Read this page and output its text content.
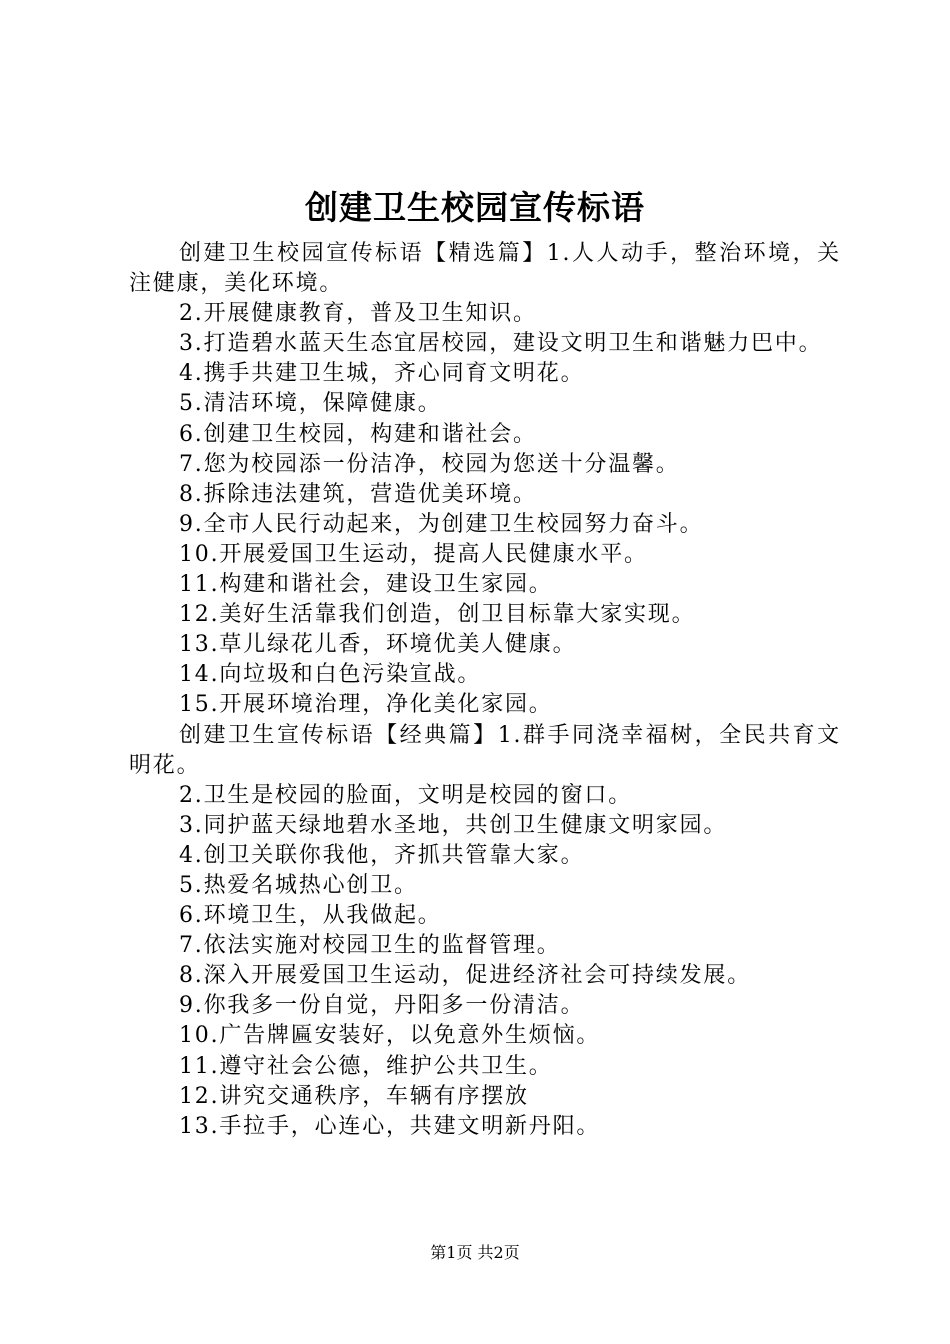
创建卫生校园宣传标语

创建卫生校园宣传标语【精选篇】1.人人动手，整治环境，关注健康，美化环境。

2.开展健康教育，普及卫生知识。

3.打造碧水蓝天生态宜居校园，建设文明卫生和谐魅力巴中。

4.携手共建卫生城，齐心同育文明花。

5.清洁环境，保障健康。

6.创建卫生校园，构建和谐社会。

7.您为校园添一份洁净，校园为您送十分温馨。

8.拆除违法建筑，营造优美环境。

9.全市人民行动起来，为创建卫生校园努力奋斗。

10.开展爱国卫生运动，提高人民健康水平。

11.构建和谐社会，建设卫生家园。

12.美好生活靠我们创造，创卫目标靠大家实现。

13.草儿绿花儿香，环境优美人健康。

14.向垃圾和白色污染宣战。

15.开展环境治理，净化美化家园。

创建卫生宣传标语【经典篇】1.群手同浇幸福树，全民共育文明花。

2.卫生是校园的脸面，文明是校园的窗口。

3.同护蓝天绿地碧水圣地，共创卫生健康文明家园。

4.创卫关联你我他，齐抓共管靠大家。

5.热爱名城热心创卫。

6.环境卫生，从我做起。

7.依法实施对校园卫生的监督管理。

8.深入开展爱国卫生运动，促进经济社会可持续发展。

9.你我多一份自觉，丹阳多一份清洁。

10.广告牌匾安装好，以免意外生烦恼。

11.遵守社会公德，维护公共卫生。

12.讲究交通秩序，车辆有序摆放

13.手拉手，心连心，共建文明新丹阳。

第1页 共2页
